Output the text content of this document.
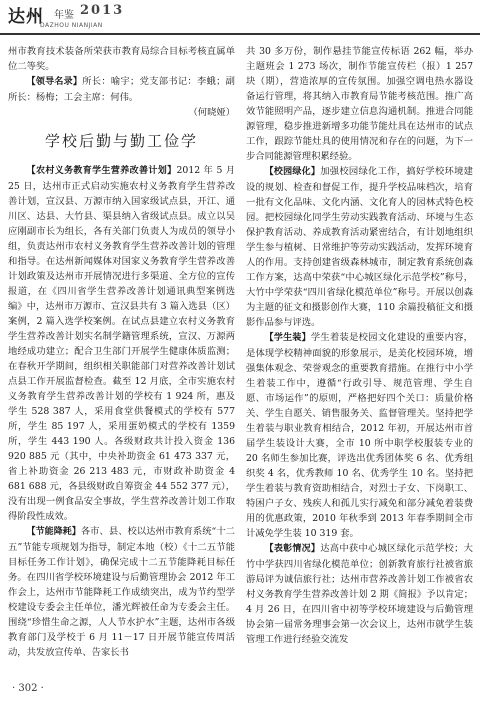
达州 年鉴 2013
DAZHOU NIANJIAN

州市教育技术装备所荣获市教育局综合目标考核直属单位二等奖。

【领导名录】所长：喻宇；党支部书记：李蛾；副所长：杨梅；工会主席：何伟。

（何晓娅）

学校后勤与勤工俭学

【农村义务教育学生营养改善计划】2012 年 5 月 25 日，达州市正式启动实施农村义务教育学生营养改善计划，宣汉县、万源市纳入国家级试点县，开江、通川区、达县、大竹县、渠县纳入省级试点县。成立以吴应刚副市长为组长，各有关部门负责人为成员的领导小组，负责达州市农村义务教育学生营养改善计划的管理和指导。在达州新闻媒体对国家义务教育学生营养改善计划政策及达州市开展情况进行多渠道、全方位的宣传报道，在《四川省学生营养改善计划通讯典型案例选编》中，达州市万源市、宣汉县共有 3 篇入选县（区）案例，2 篇入选学校案例。在试点县建立农村义务教育学生营养改善计划实名制学籍管理系统，宣汉、万源两地经成功建立；配合卫生部门开展学生健康体质监测；在春秋开学期间，组织相关职能部门对营养改善计划试点县工作开展监督检查。截至 12 月底，全市实施农村义务教育学生营养改善计划的学校有 1 924 所，惠及学生 528 387 人，采用食堂供餐模式的学校有 577 所，学生 85 197 人，采用蛋奶模式的学校有 1359 所，学生 443 190 人。各级财政共计投入资金 136 920 885 元（其中，中央补助资金 61 473 337 元，省上补助资金 26 213 483 元，市财政补助资金 4 681 688 元，各县级财政自筹资金 44 552 377 元），没有出现一例食品安全事故，学生营养改善计划工作取得阶段性成效。

【节能降耗】各市、县、校以达州市教育系统“十二五”节能专项规划为指导，制定本地（校）《十二五节能目标任务工作计划》，确保完成十二五节能降耗目标任务。在四川省学校环境建设与后勤管理协会 2012 年工作会上，达州市节能降耗工作成绩突出，成为节约型学校建设专委会主任单位，潘光辉被任命为专委会主任。围绕“珍惜生命之源，人人节水护水”主题，达州市各级教育部门及学校于 6 月 11－17 日开展节能宣传周活动，共发放宣传单、告家长书

共 30 多万份，制作悬挂节能宣传标语 262 幅，举办主题班会 1 273 场次，制作节能宣传栏（报）1 257 块（期），营造浓厚的宣传氛围。加强空调电热水器设备运行管理，将其纳入市教育局节能考核范围。推广高效节能照明产品，逐步建立信息沟通机制。推进合同能源管理，稳步推进新增多功能节能灶具在达州市的试点工作，跟踪节能灶具的使用情况和存在的问题，为下一步合同能源管理积累经验。

【校园绿化】加强校园绿化工作，搞好学校环境建设的规划、检查和督促工作，提升学校品味档次，培育一批有文化品味、文化内涵、文化育人的园林式特色校园。把校园绿化同学生劳动实践教育活动、环境与生态保护教育活动、养成教育活动紧密结合，有计划地组织学生参与植树、日常维护等劳动实践活动，发挥环境育人的作用。支持创建省级森林城市，制定教育系统创森工作方案，达高中荣获“中心城区绿化示范学校”称号，大竹中学荣获“四川省绿化模范单位”称号。开展以创森为主题的征文和摄影创作大赛，110 余篇投稿征文和摄影作品参与评选。

【学生装】学生着装是校园文化建设的重要内容，是体现学校精神面貌的形象展示，是美化校园环境，增强集体观念、荣誉观念的重要教育措施。在推行中小学生着装工作中，遵循“行政引导、规范管理、学生自愿、市场运作”的原则，严格把好四个关口：质量价格关、学生自愿关、销售服务关、监督管理关。坚持把学生着装与职业教育相结合，2012 年初，开展达州市首届学生装设计大赛，全市 10 所中职学校服装专业的 20 名师生参加比赛，评选出优秀团体奖 6 名、优秀组织奖 4 名，优秀教师 10 名、优秀学生 10 名。坚持把学生着装与教育资助相结合，对烈士子女、下岗职工、特困户子女、残疾人和孤儿实行减免和部分减免着装费用的优惠政策，2010 年秋季到 2013 年春季期间全市计减免学生装 10 319 套。

【表彰情况】达高中获中心城区绿化示范学校；大竹中学获四川省绿化模范单位；创新教育旅行社被省旅游局评为诚信旅行社；达州市营养改善计划工作被省农村义务教育学生营养改善计划 2 期《简报》予以肯定；4 月 26 日，在四川省中初等学校环境建设与后勤管理协会第一届常务理事会第一次会议上，达州市就学生装管理工作进行经验交流发

· 302 ·
